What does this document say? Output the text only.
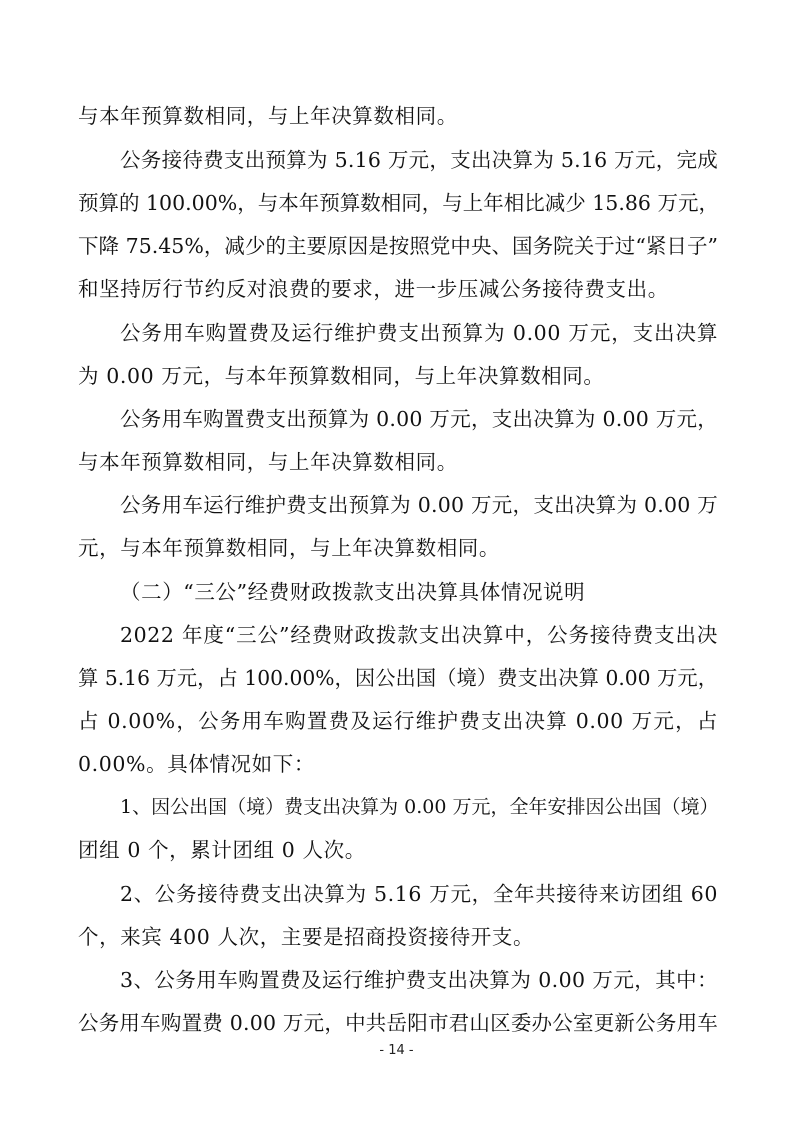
与本年预算数相同，与上年决算数相同。
公务接待费支出预算为 5.16 万元，支出决算为 5.16 万元，完成
预算的 100.00%，与本年预算数相同，与上年相比减少 15.86 万元，
下降 75.45%，减少的主要原因是按照党中央、国务院关于过“紧日子”
和坚持厉行节约反对浪费的要求，进一步压减公务接待费支出。
公务用车购置费及运行维护费支出预算为 0.00 万元，支出决算
为 0.00 万元，与本年预算数相同，与上年决算数相同。
公务用车购置费支出预算为 0.00 万元，支出决算为 0.00 万元，
与本年预算数相同，与上年决算数相同。
公务用车运行维护费支出预算为 0.00 万元，支出决算为 0.00 万
元，与本年预算数相同，与上年决算数相同。
（二）“三公”经费财政拨款支出决算具体情况说明
2022 年度“三公”经费财政拨款支出决算中，公务接待费支出决
算 5.16 万元，占 100.00%，因公出国（境）费支出决算 0.00 万元，
占 0.00%，公务用车购置费及运行维护费支出决算 0.00 万元，占
0.00%。具体情况如下：
1、因公出国（境）费支出决算为 0.00 万元，全年安排因公出国（境）
团组 0 个，累计团组 0 人次。
2、公务接待费支出决算为 5.16 万元，全年共接待来访团组 60
个，来宾 400 人次，主要是招商投资接待开支。
3、公务用车购置费及运行维护费支出决算为 0.00 万元，其中：
公务用车购置费 0.00 万元，中共岳阳市君山区委办公室更新公务用车
- 14 -
